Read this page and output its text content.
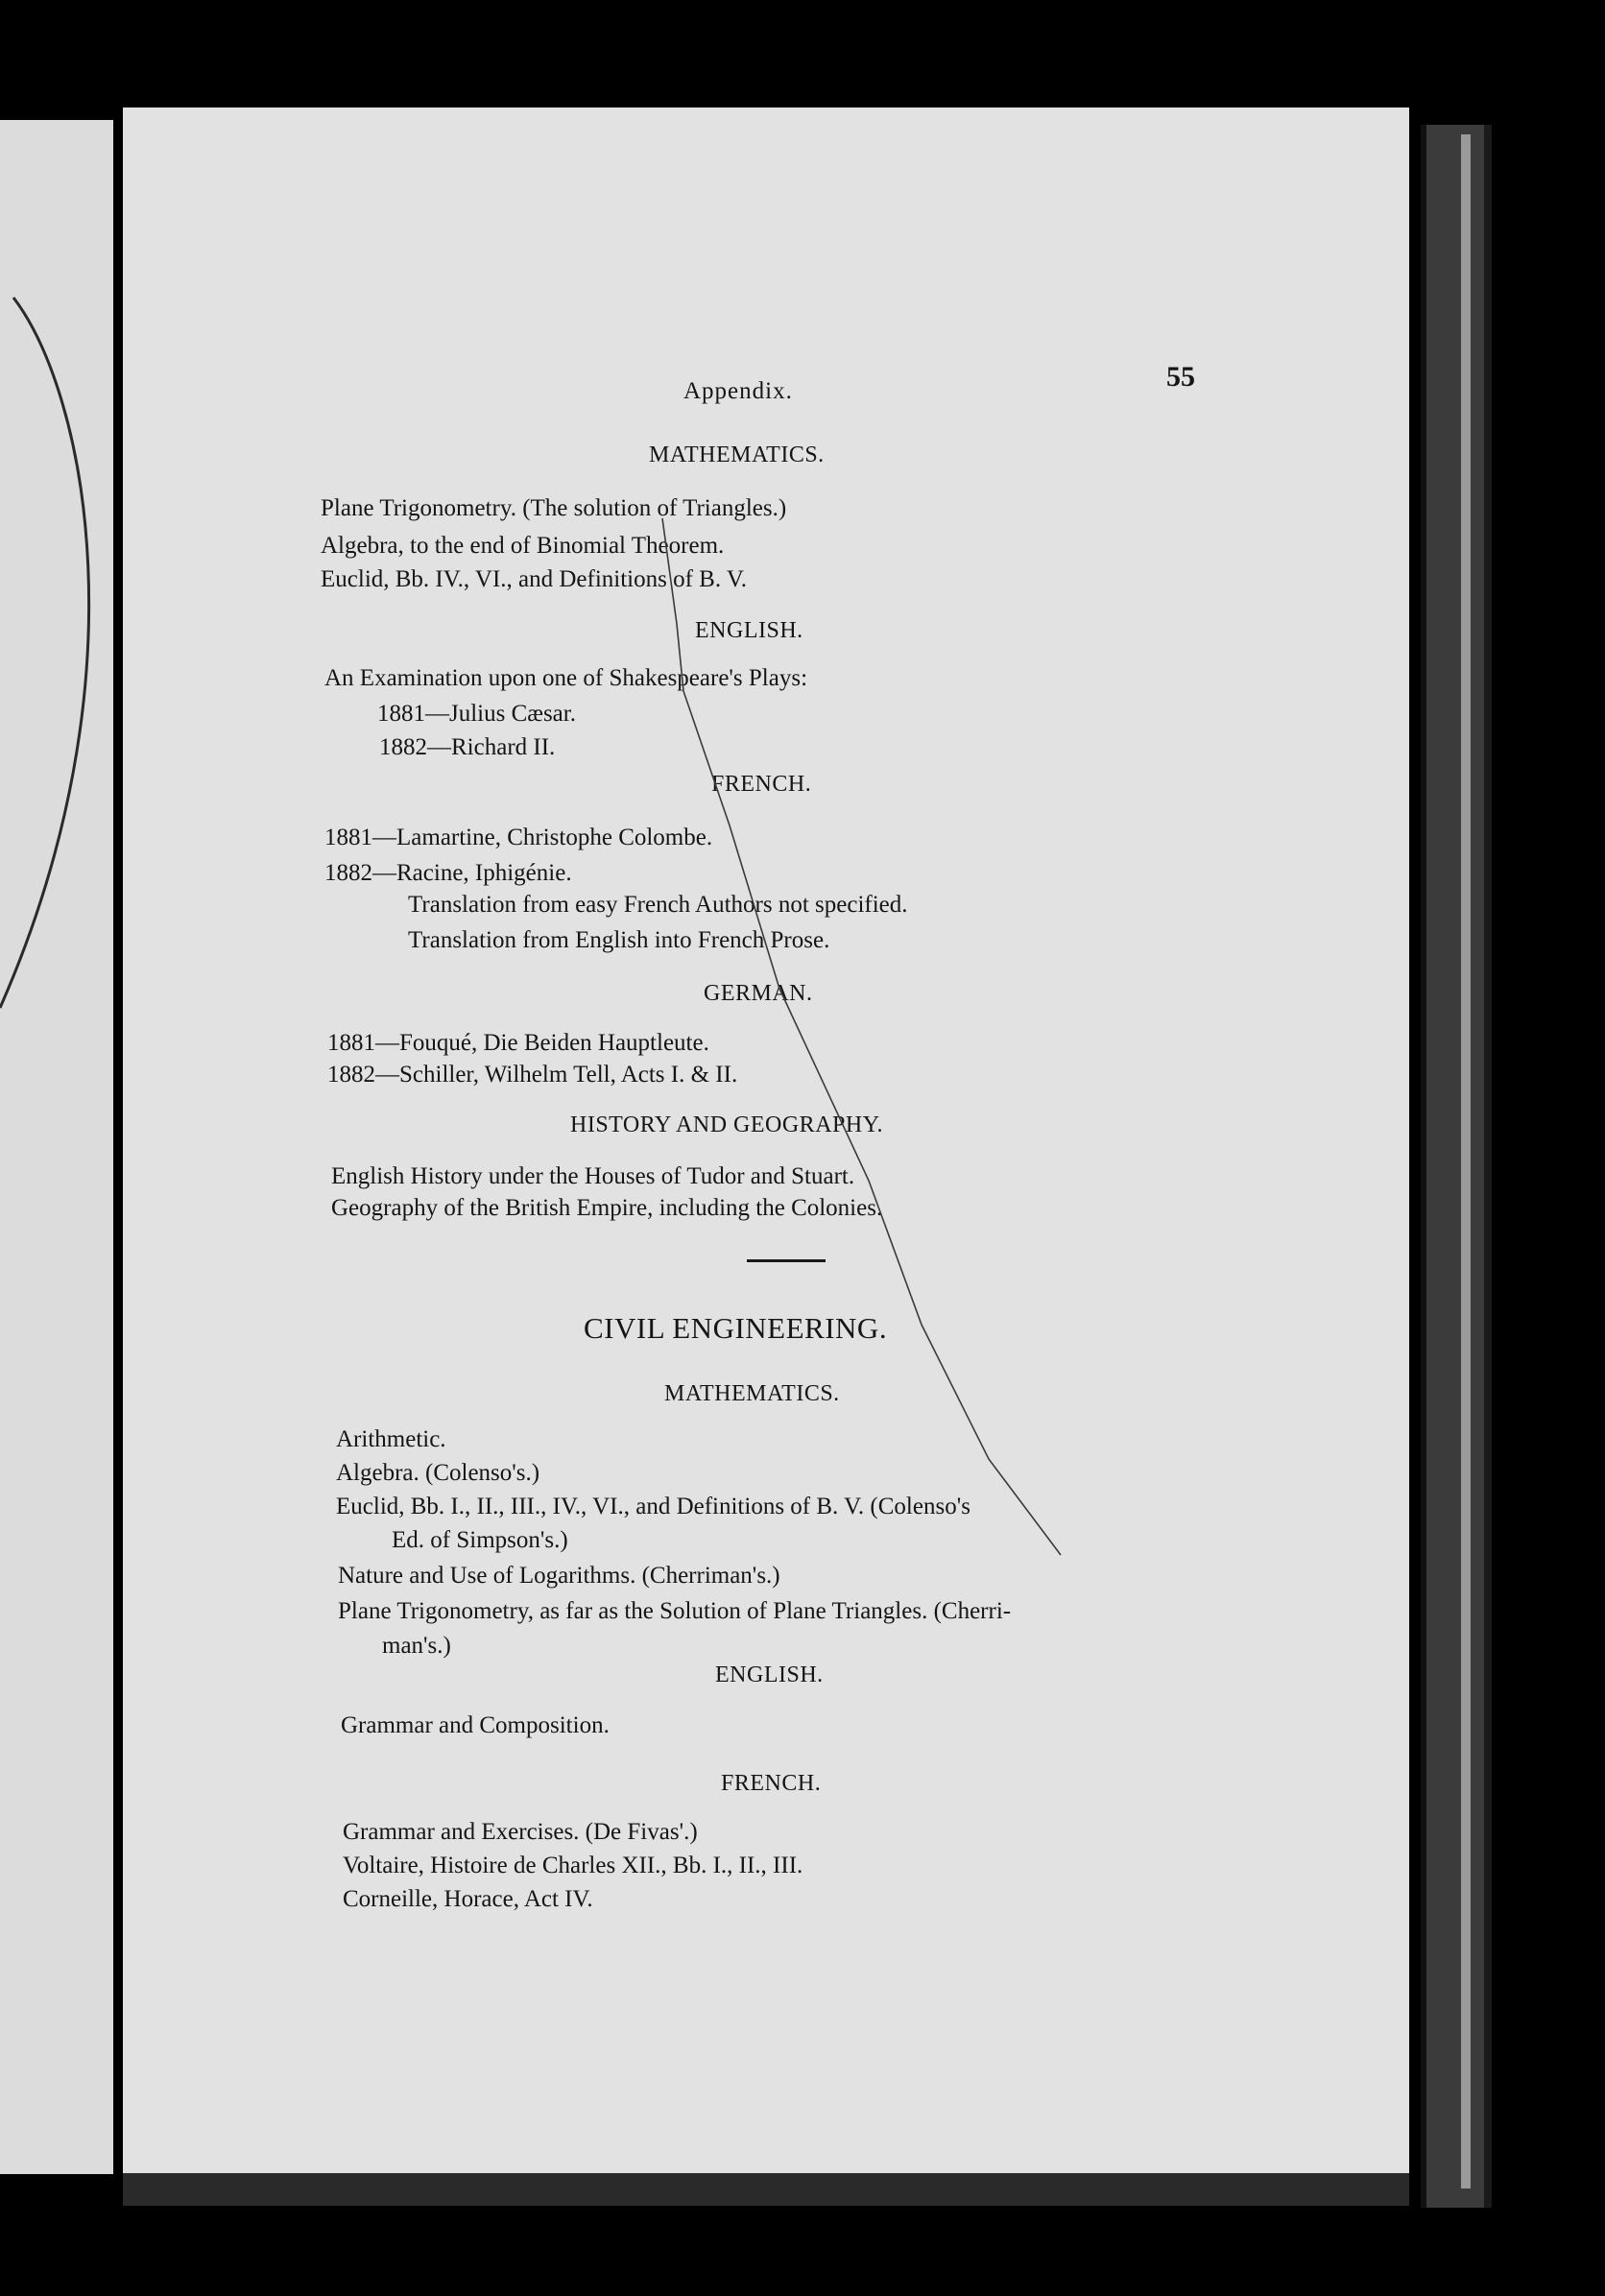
Appendix.	55
MATHEMATICS.
Plane Trigonometry. (The solution of Triangles.)
Algebra, to the end of Binomial Theorem.
Euclid, Bb. IV., VI., and Definitions of B. V.
ENGLISH.
An Examination upon one of Shakespeare's Plays:
1881—Julius Cæsar.
1882—Richard II.
FRENCH.
1881—Lamartine, Christophe Colombe.
1882—Racine, Iphigénie.
Translation from easy French Authors not specified.
Translation from English into French Prose.
GERMAN.
1881—Fouqué, Die Beiden Hauptleute.
1882—Schiller, Wilhelm Tell, Acts I. & II.
HISTORY AND GEOGRAPHY.
English History under the Houses of Tudor and Stuart.
Geography of the British Empire, including the Colonies.
CIVIL ENGINEERING.
MATHEMATICS.
Arithmetic.
Algebra. (Colenso's.)
Euclid, Bb. I., II., III., IV., VI., and Definitions of B. V. (Colenso's
Ed. of Simpson's.)
Nature and Use of Logarithms. (Cherriman's.)
Plane Trigonometry, as far as the Solution of Plane Triangles. (Cherri-
man's.)
ENGLISH.
Grammar and Composition.
FRENCH.
Grammar and Exercises. (De Fivas'.)
Voltaire, Histoire de Charles XII., Bb. I., II., III.
Corneille, Horace, Act IV.
